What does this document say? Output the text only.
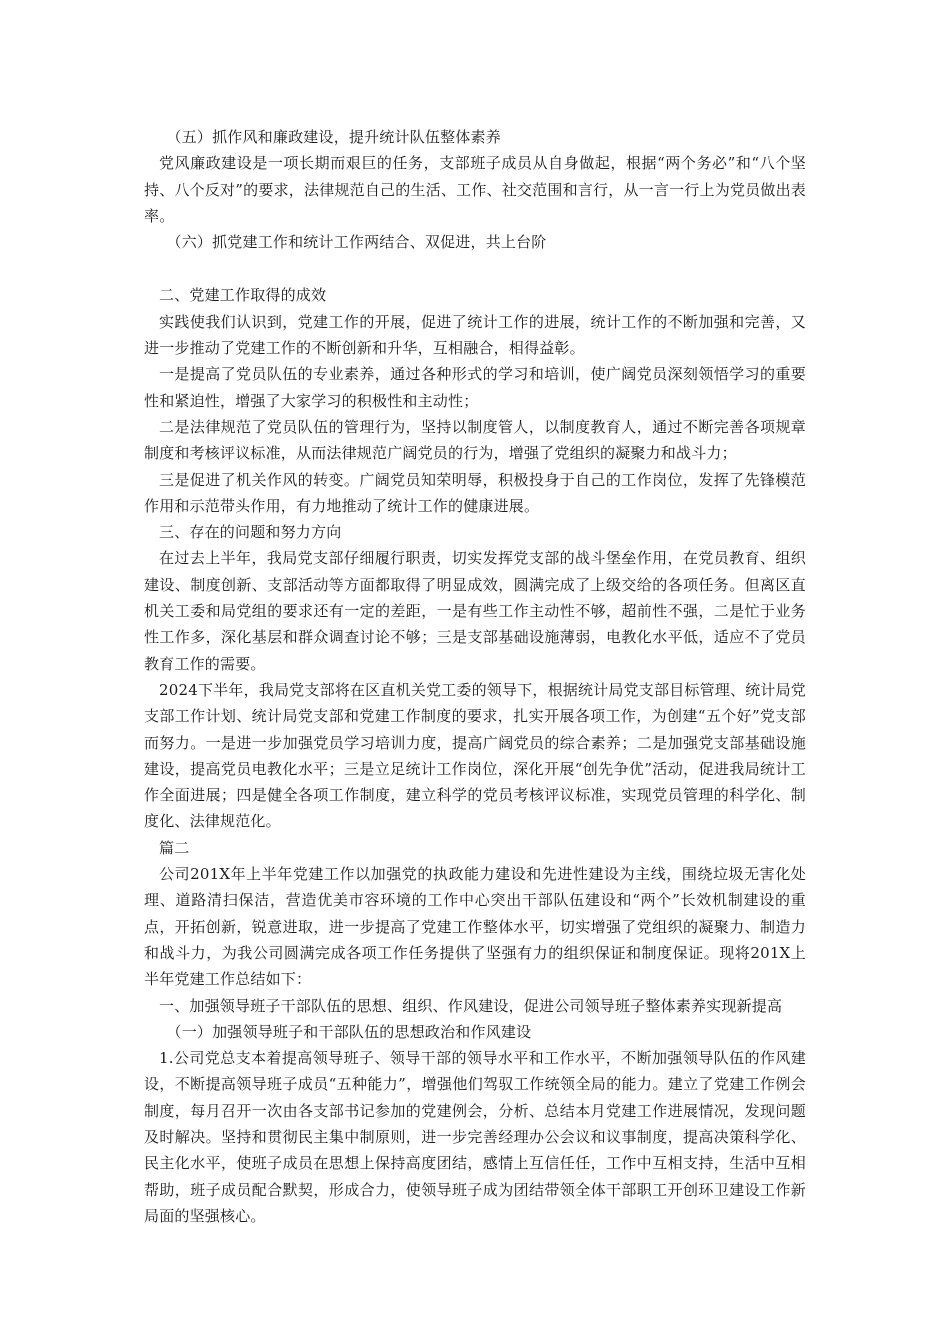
（五）抓作风和廉政建设，提升统计队伍整体素养

党风廉政建设是一项长期而艰巨的任务，支部班子成员从自身做起，根据“两个务必”和“八个坚持、八个反对”的要求，法律规范自己的生活、工作、社交范围和言行，从一言一行上为党员做出表率。

（六）抓党建工作和统计工作两结合、双促进，共上台阶

二、党建工作取得的成效

实践使我们认识到，党建工作的开展，促进了统计工作的进展，统计工作的不断加强和完善，又进一步推动了党建工作的不断创新和升华，互相融合，相得益彰。

一是提高了党员队伍的专业素养，通过各种形式的学习和培训，使广阔党员深刻领悟学习的重要性和紧迫性，增强了大家学习的积极性和主动性；

二是法律规范了党员队伍的管理行为，坚持以制度管人，以制度教育人，通过不断完善各项规章制度和考核评议标准，从而法律规范广阔党员的行为，增强了党组织的凝聚力和战斗力；

三是促进了机关作风的转变。广阔党员知荣明辱，积极投身于自己的工作岗位，发挥了先锋模范作用和示范带头作用，有力地推动了统计工作的健康进展。

三、存在的问题和努力方向

在过去上半年，我局党支部仔细履行职责，切实发挥党支部的战斗堡垒作用，在党员教育、组织建设、制度创新、支部活动等方面都取得了明显成效，圆满完成了上级交给的各项任务。但离区直机关工委和局党组的要求还有一定的差距，一是有些工作主动性不够，超前性不强，二是忙于业务性工作多，深化基层和群众调查讨论不够；三是支部基础设施薄弱，电教化水平低，适应不了党员教育工作的需要。

2024下半年，我局党支部将在区直机关党工委的领导下，根据统计局党支部目标管理、统计局党支部工作计划、统计局党支部和党建工作制度的要求，扎实开展各项工作，为创建“五个好”党支部而努力。一是进一步加强党员学习培训力度，提高广阔党员的综合素养；二是加强党支部基础设施建设，提高党员电教化水平；三是立足统计工作岗位，深化开展“创先争优”活动，促进我局统计工作全面进展；四是健全各项工作制度，建立科学的党员考核评议标准，实现党员管理的科学化、制度化、法律规范化。

篇二

公司201X年上半年党建工作以加强党的执政能力建设和先进性建设为主线，围绕垃圾无害化处理、道路清扫保洁，营造优美市容环境的工作中心突出干部队伍建设和“两个”长效机制建设的重点，开拓创新，锐意进取，进一步提高了党建工作整体水平，切实增强了党组织的凝聚力、制造力和战斗力，为我公司圆满完成各项工作任务提供了坚强有力的组织保证和制度保证。现将201X上半年党建工作总结如下：

一、加强领导班子干部队伍的思想、组织、作风建设，促进公司领导班子整体素养实现新提高

（一）加强领导班子和干部队伍的思想政治和作风建设

1.公司党总支本着提高领导班子、领导干部的领导水平和工作水平，不断加强领导队伍的作风建设，不断提高领导班子成员“五种能力”，增强他们驾驭工作统领全局的能力。建立了党建工作例会制度，每月召开一次由各支部书记参加的党建例会，分析、总结本月党建工作进展情况，发现问题及时解决。坚持和贯彻民主集中制原则，进一步完善经理办公会议和议事制度，提高决策科学化、民主化水平，使班子成员在思想上保持高度团结，感情上互信任任，工作中互相支持，生活中互相帮助，班子成员配合默契，形成合力，使领导班子成为团结带领全体干部职工开创环卫建设工作新局面的坚强核心。
